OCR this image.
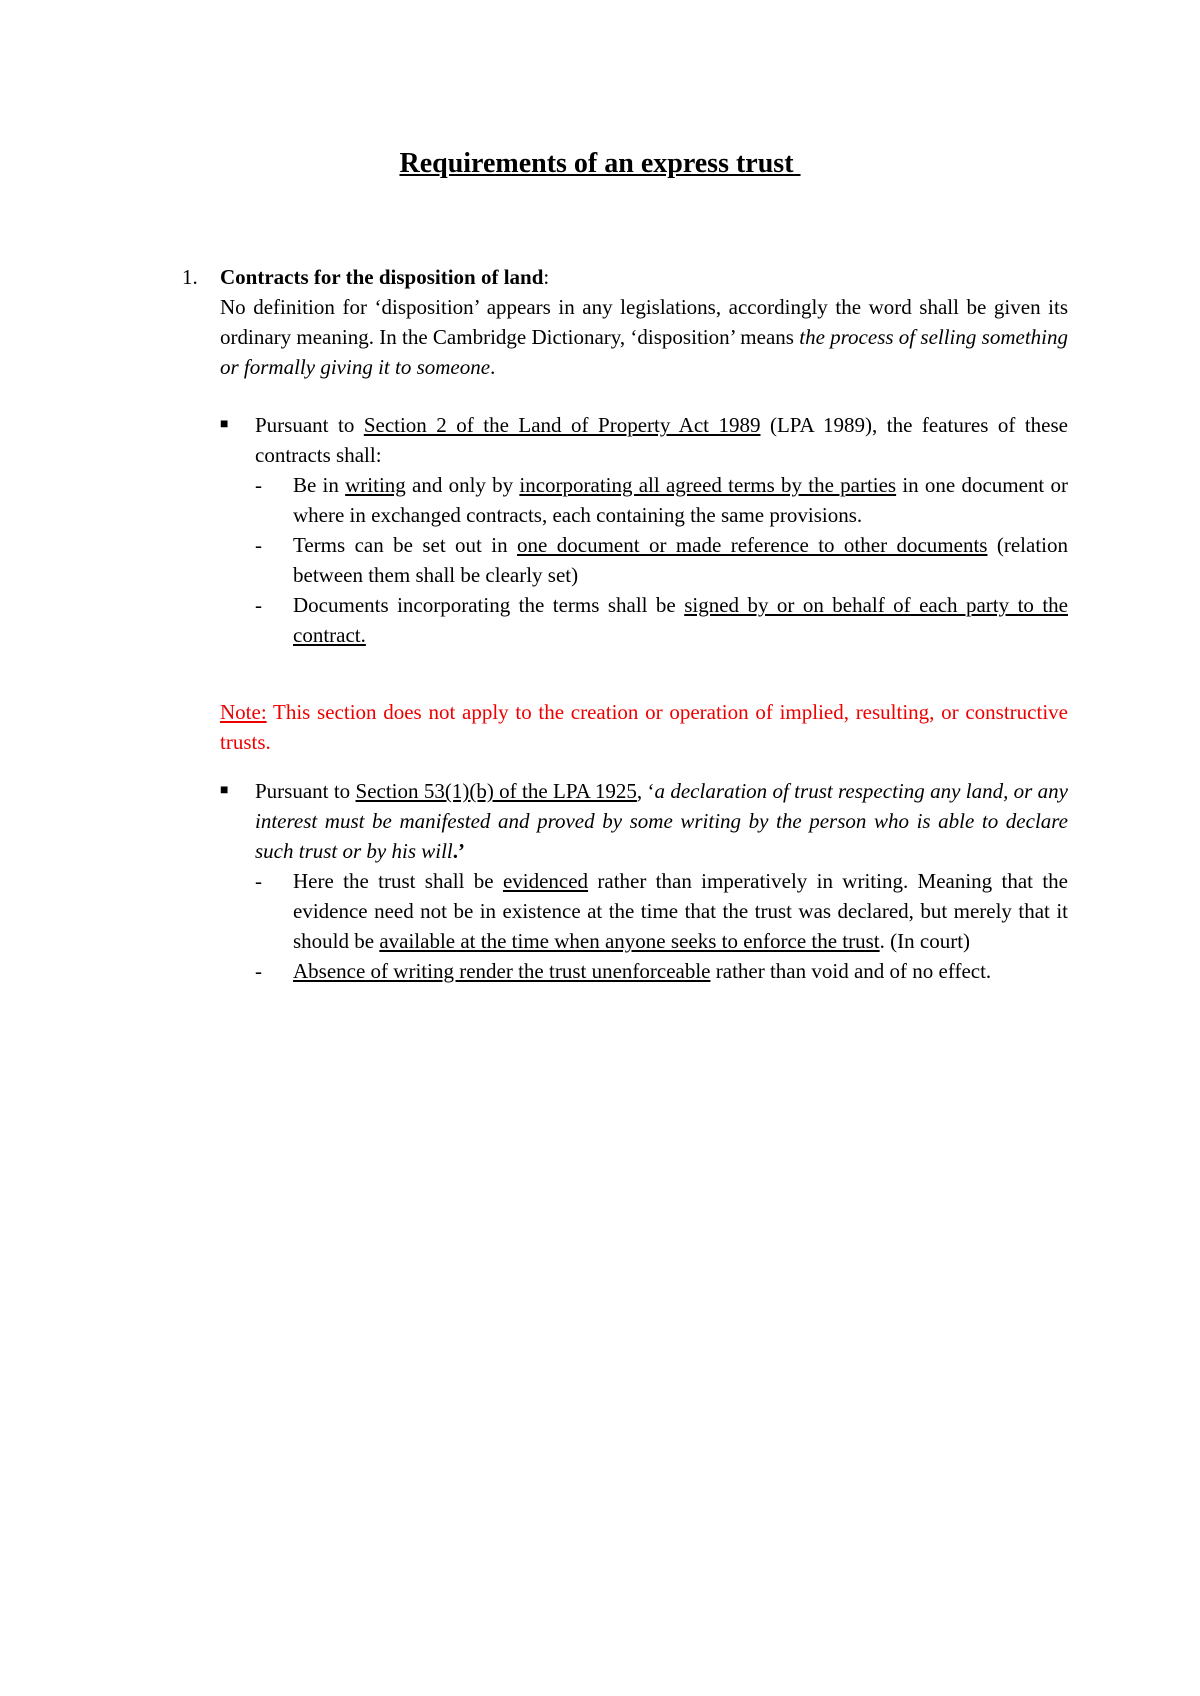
Requirements of an express trust
1. Contracts for the disposition of land:
No definition for ‘disposition’ appears in any legislations, accordingly the word shall be given its ordinary meaning. In the Cambridge Dictionary, ‘disposition’ means the process of selling something or formally giving it to someone.
■ Pursuant to Section 2 of the Land of Property Act 1989 (LPA 1989), the features of these contracts shall:
- Be in writing and only by incorporating all agreed terms by the parties in one document or where in exchanged contracts, each containing the same provisions.
- Terms can be set out in one document or made reference to other documents (relation between them shall be clearly set)
- Documents incorporating the terms shall be signed by or on behalf of each party to the contract.
Note: This section does not apply to the creation or operation of implied, resulting, or constructive trusts.
■ Pursuant to Section 53(1)(b) of the LPA 1925, ‘a declaration of trust respecting any land, or any interest must be manifested and proved by some writing by the person who is able to declare such trust or by his will.’
- Here the trust shall be evidenced rather than imperatively in writing. Meaning that the evidence need not be in existence at the time that the trust was declared, but merely that it should be available at the time when anyone seeks to enforce the trust. (In court)
- Absence of writing render the trust unenforceable rather than void and of no effect.
